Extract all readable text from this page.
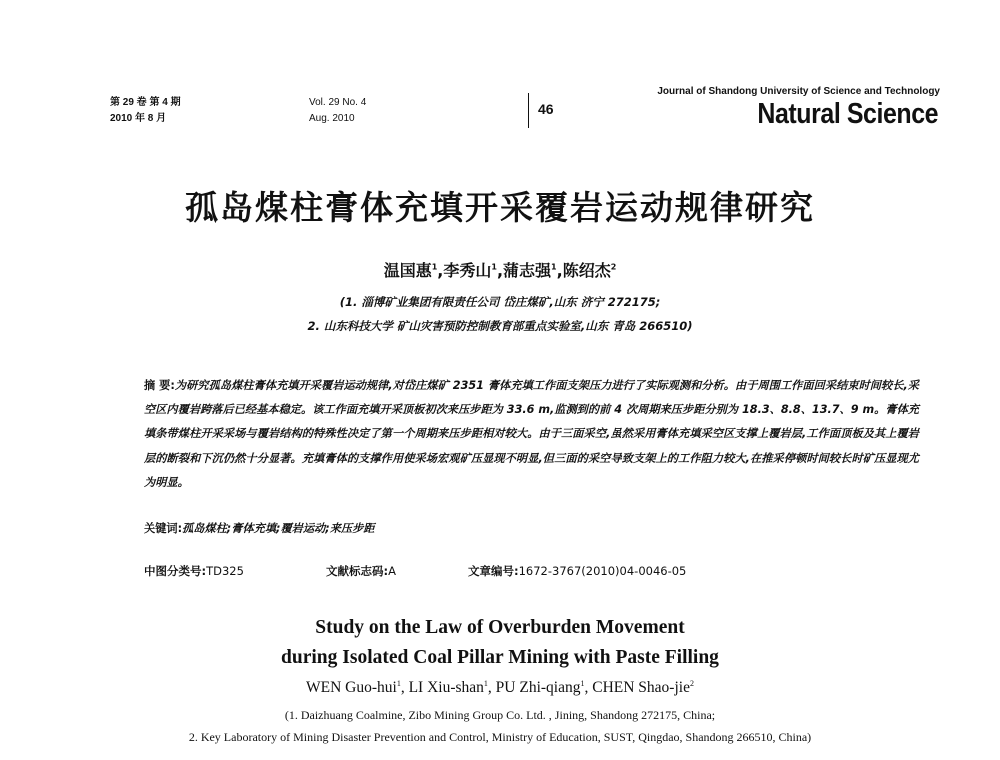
第 29 卷 第 4 期
2010 年 8 月
Vol. 29 No. 4
Aug. 2010
46
Journal of Shandong University of Science and Technology
Natural Science
孤岛煤柱膏体充填开采覆岩运动规律研究
温国惠$^1$,李秀山$^1$,蒲志强$^1$,陈绍杰$^2$
(1. 淄博矿业集团有限责任公司 岱庄煤矿,山东 济宁 272175;
2. 山东科技大学 矿山灾害预防控制教育部重点实验室,山东 青岛 266510)
摘 要:为研究孤岛煤柱膏体充填开采覆岩运动规律,对岱庄煤矿 2351 膏体充填工作面支架压力进行了实际观测和分析。由于周围工作面回采结束时间较长,采空区内覆岩跨落后已经基本稳定。该工作面充填开采顶板初次来压步距为 33.6 m,监测到的前 4 次周期来压步距分别为 18.3、8.8、13.7、9 m。膏体充填条带煤柱开采采场与覆岩结构的特殊性决定了第一个周期来压步距相对较大。由于三面采空,虽然采用膏体充填采空区支撑上覆岩层,工作面顶板及其上覆岩层的断裂和下沉仍然十分显著。充填膏体的支撑作用使采场宏观矿压显现不明显,但三面的采空导致支架上的工作阻力较大,在推采停顿时间较长时矿压显现尤为明显。
关键词:孤岛煤柱;膏体充填;覆岩运动;来压步距
中图分类号:TD325	文献标志码:A	文章编号:1672-3767(2010)04-0046-05
Study on the Law of Overburden Movement
during Isolated Coal Pillar Mining with Paste Filling
WEN Guo-hui$^1$, LI Xiu-shan$^1$, PU Zhi-qiang$^1$, CHEN Shao-jie$^2$
(1. Daizhuang Coalmine, Zibo Mining Group Co. Ltd. , Jining, Shandong 272175, China;
2. Key Laboratory of Mining Disaster Prevention and Control, Ministry of Education, SUST, Qingdao, Shandong 266510, China)
